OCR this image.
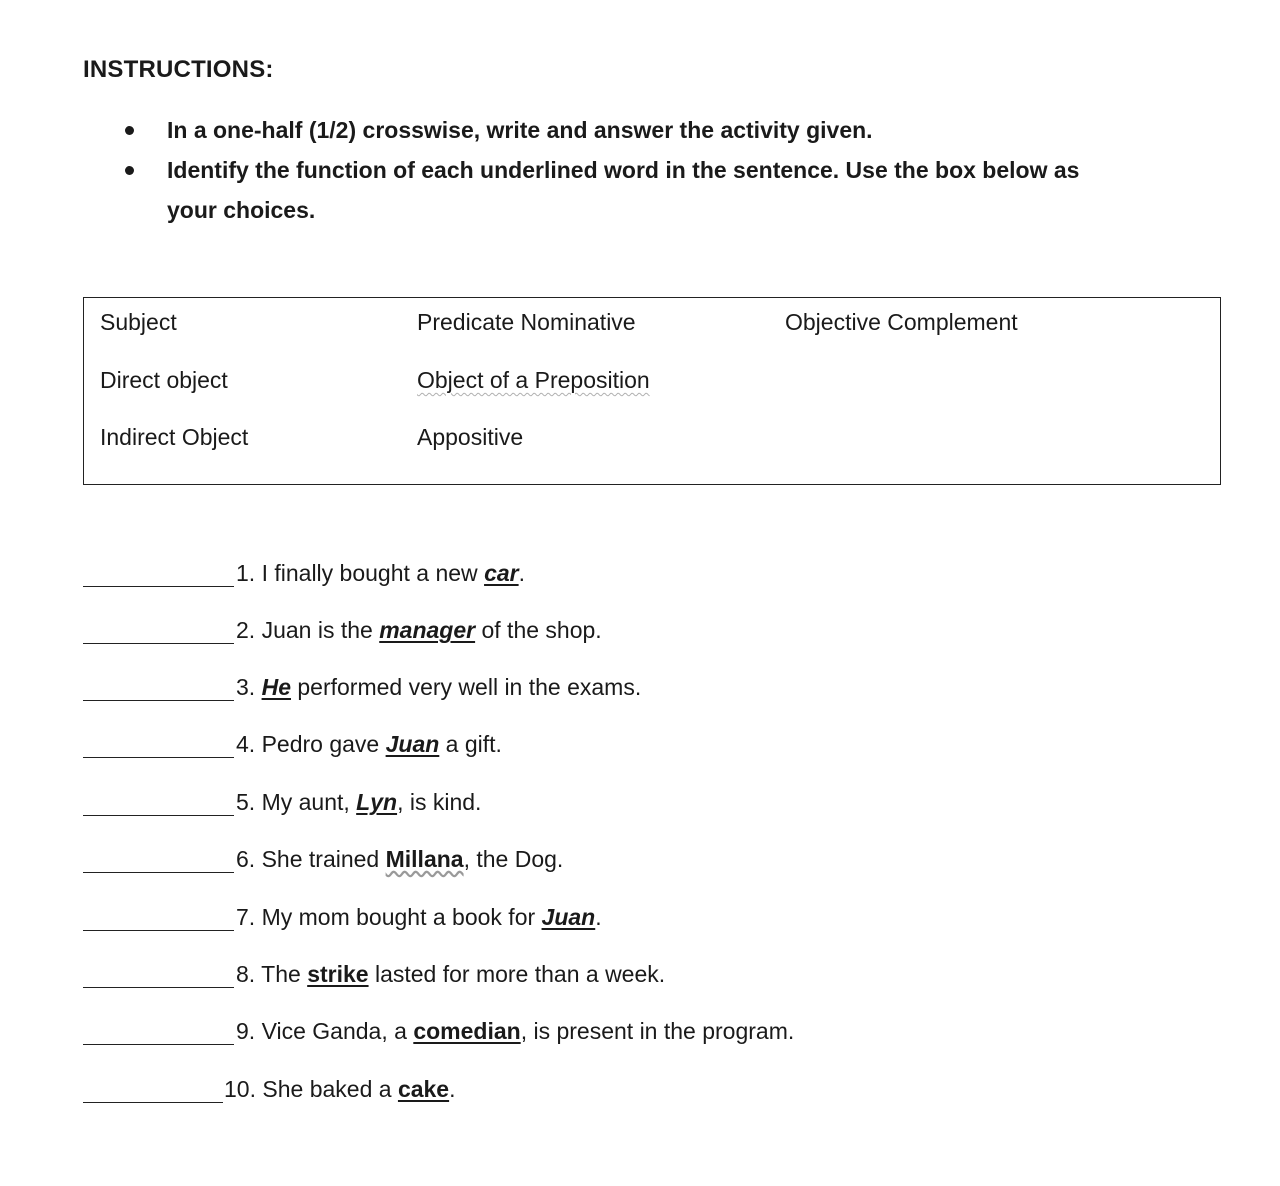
INSTRUCTIONS:
In a one-half (1/2) crosswise, write and answer the activity given.
Identify the function of each underlined word in the sentence. Use the box below as your choices.
Subject
Direct object
Indirect Object
Predicate Nominative
Object of a Preposition
Appositive
Objective Complement
1. I finally bought a new car.
2. Juan is the manager of the shop.
3. He performed very well in the exams.
4. Pedro gave Juan a gift.
5. My aunt, Lyn, is kind.
6. She trained Millana, the Dog.
7. My mom bought a book for Juan.
8. The strike lasted for more than a week.
9. Vice Ganda, a comedian, is present in the program.
10. She baked a cake.
